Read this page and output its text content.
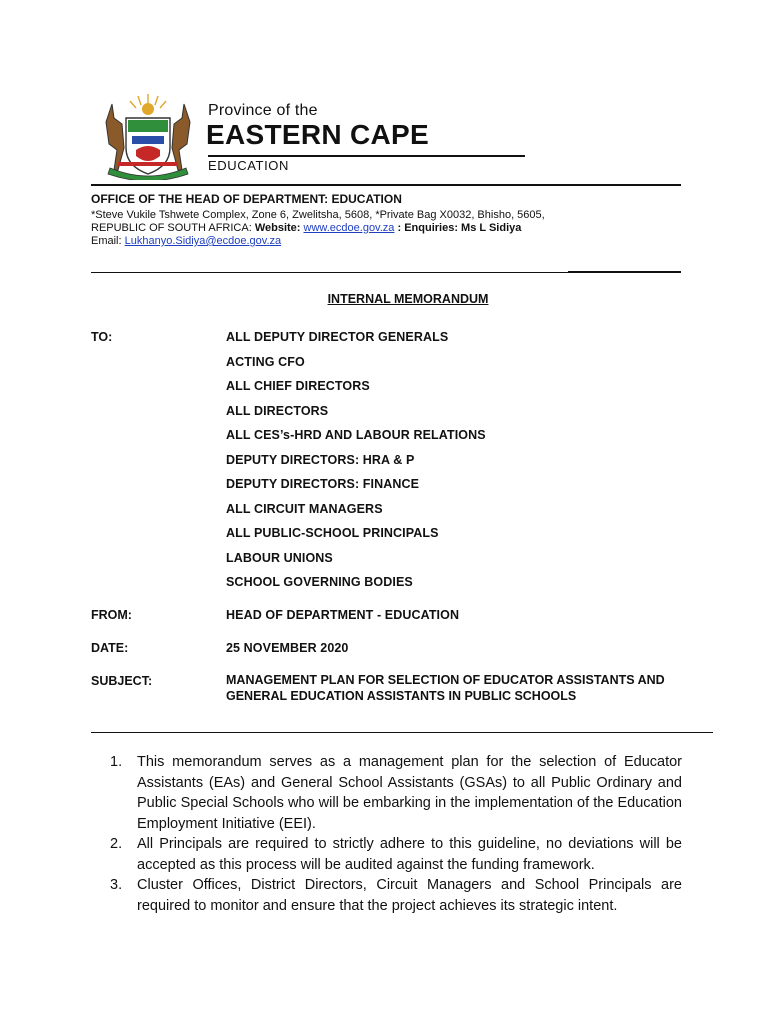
Province of the
EASTERN CAPE
EDUCATION
OFFICE OF THE HEAD OF DEPARTMENT: EDUCATION
*Steve Vukile Tshwete Complex, Zone 6, Zwelitsha, 5608, *Private Bag X0032, Bhisho, 5605,
REPUBLIC OF SOUTH AFRICA: Website: www.ecdoe.gov.za : Enquiries: Ms L Sidiya
Email: Lukhanyo.Sidiya@ecdoe.gov.za
INTERNAL MEMORANDUM
TO:	ALL DEPUTY DIRECTOR GENERALS
ACTING CFO
ALL CHIEF DIRECTORS
ALL DIRECTORS
ALL CES’s-HRD AND LABOUR RELATIONS
DEPUTY DIRECTORS: HRA & P
DEPUTY DIRECTORS: FINANCE
ALL CIRCUIT MANAGERS
ALL PUBLIC-SCHOOL PRINCIPALS
LABOUR UNIONS
SCHOOL GOVERNING BODIES
FROM:	HEAD OF DEPARTMENT - EDUCATION
DATE:	25 NOVEMBER 2020
SUBJECT:	MANAGEMENT PLAN FOR SELECTION OF EDUCATOR ASSISTANTS AND GENERAL EDUCATION ASSISTANTS IN PUBLIC SCHOOLS
1. This memorandum serves as a management plan for the selection of Educator Assistants (EAs) and General School Assistants (GSAs) to all Public Ordinary and Public Special Schools who will be embarking in the implementation of the Education Employment Initiative (EEI).
2. All Principals are required to strictly adhere to this guideline, no deviations will be accepted as this process will be audited against the funding framework.
3. Cluster Offices, District Directors, Circuit Managers and School Principals are required to monitor and ensure that the project achieves its strategic intent.
